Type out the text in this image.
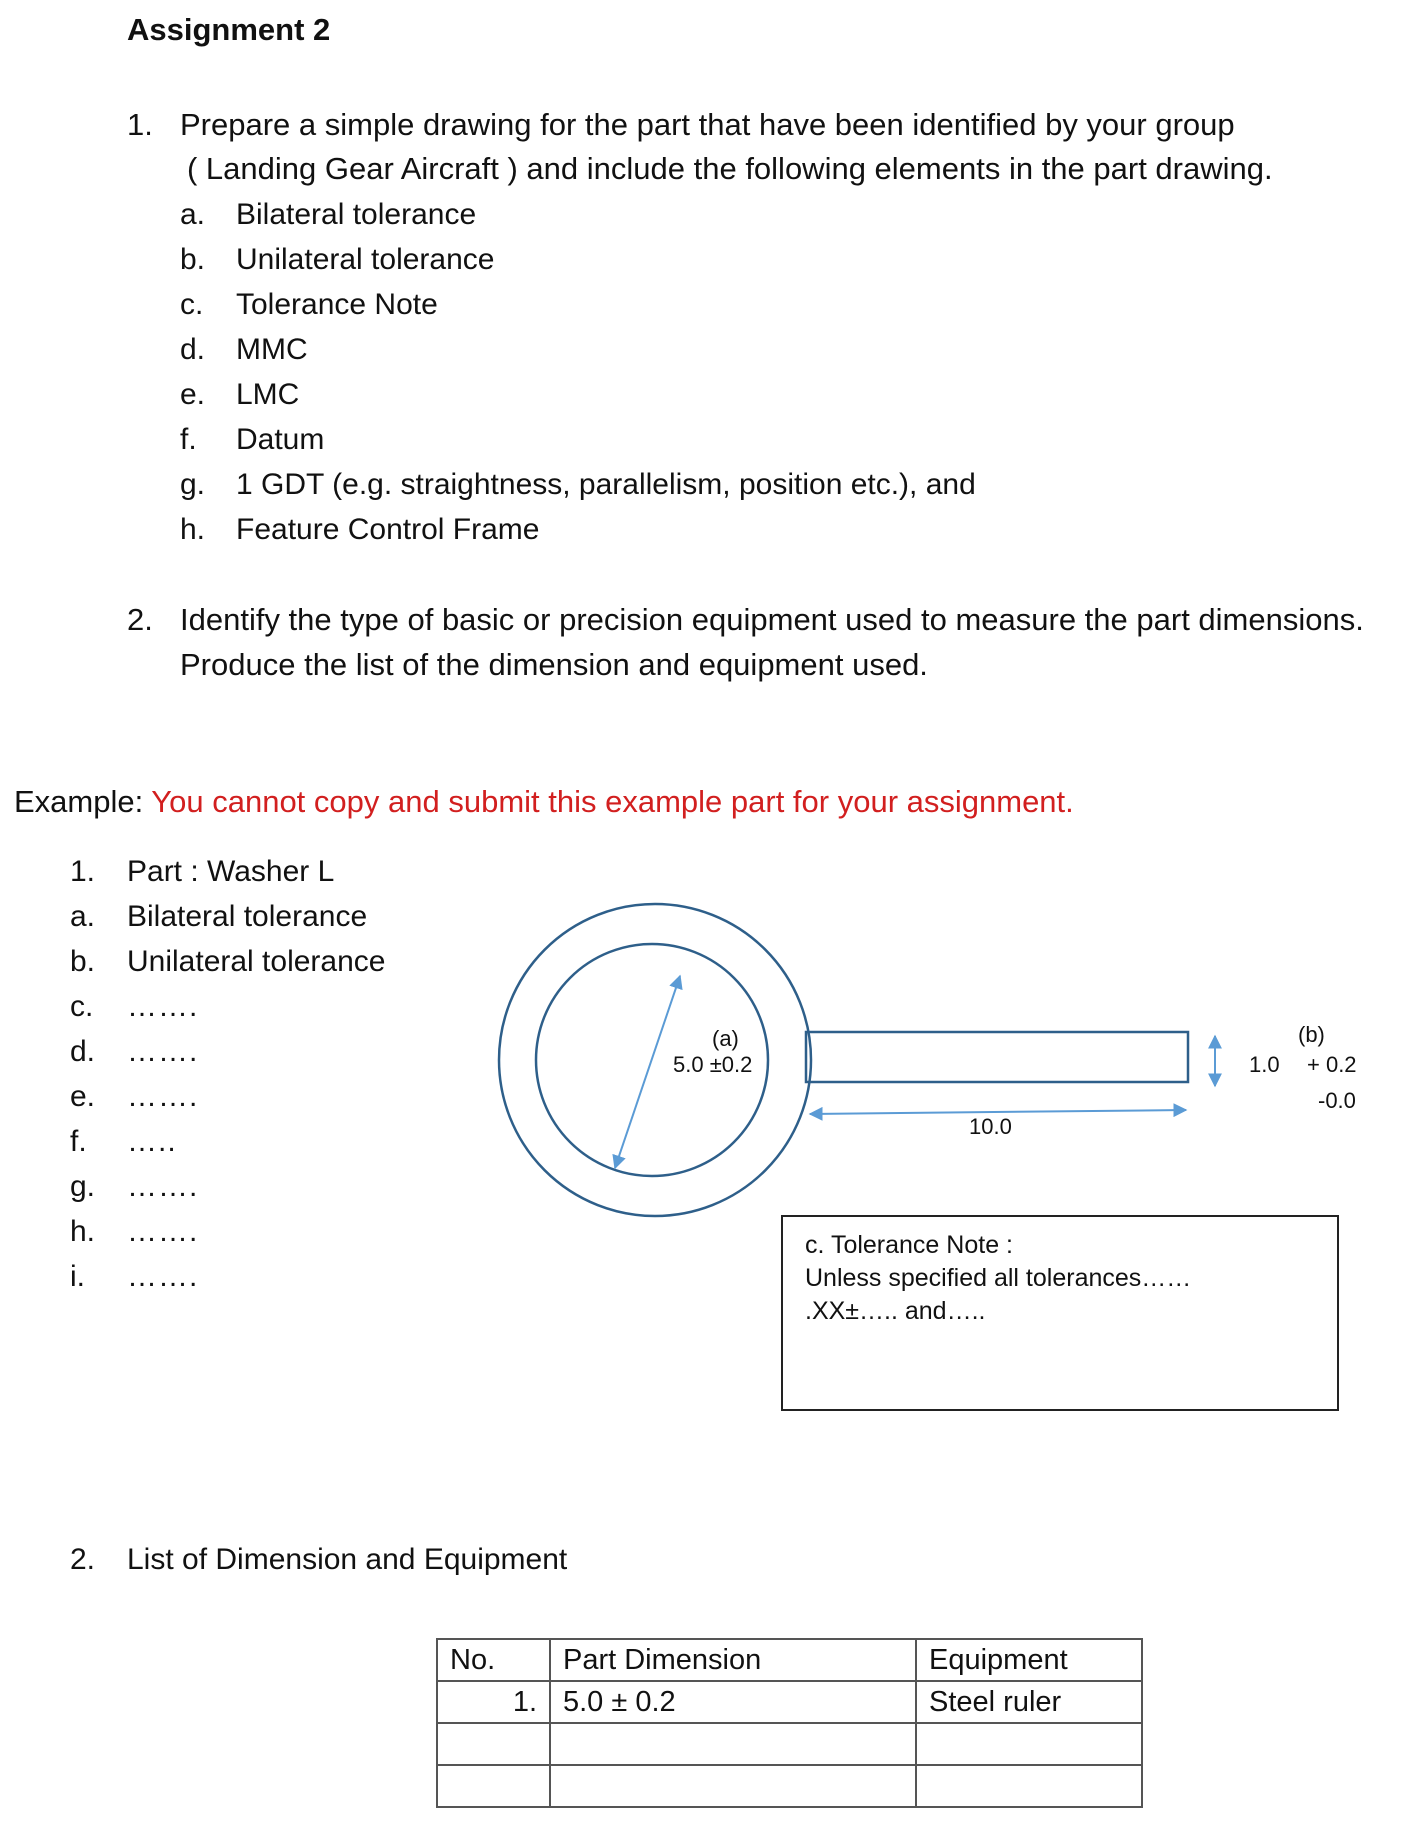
Assignment 2
1. Prepare a simple drawing for the part that have been identified by your group
( Landing Gear Aircraft ) and include the following elements in the part drawing.
a. Bilateral tolerance
b. Unilateral tolerance
c. Tolerance Note
d. MMC
e. LMC
f. Datum
g. 1 GDT (e.g. straightness, parallelism, position etc.), and
h. Feature Control Frame
2. Identify the type of basic or precision equipment used to measure the part dimensions.
Produce the list of the dimension and equipment used.
Example: You cannot copy and submit this example part for your assignment.
1. Part : Washer L
a. Bilateral tolerance
b. Unilateral tolerance
c. …….
d. …….
e. …….
f. …..
g. …….
h. …….
i. …….
(a)
5.0 ±0.2
(b)
1.0 + 0.2
-0.0
10.0
c. Tolerance Note :
Unless specified all tolerances……
.XX±….. and…..
2. List of Dimension and Equipment
No.	Part Dimension	Equipment
1.	5.0 ± 0.2	Steel ruler
